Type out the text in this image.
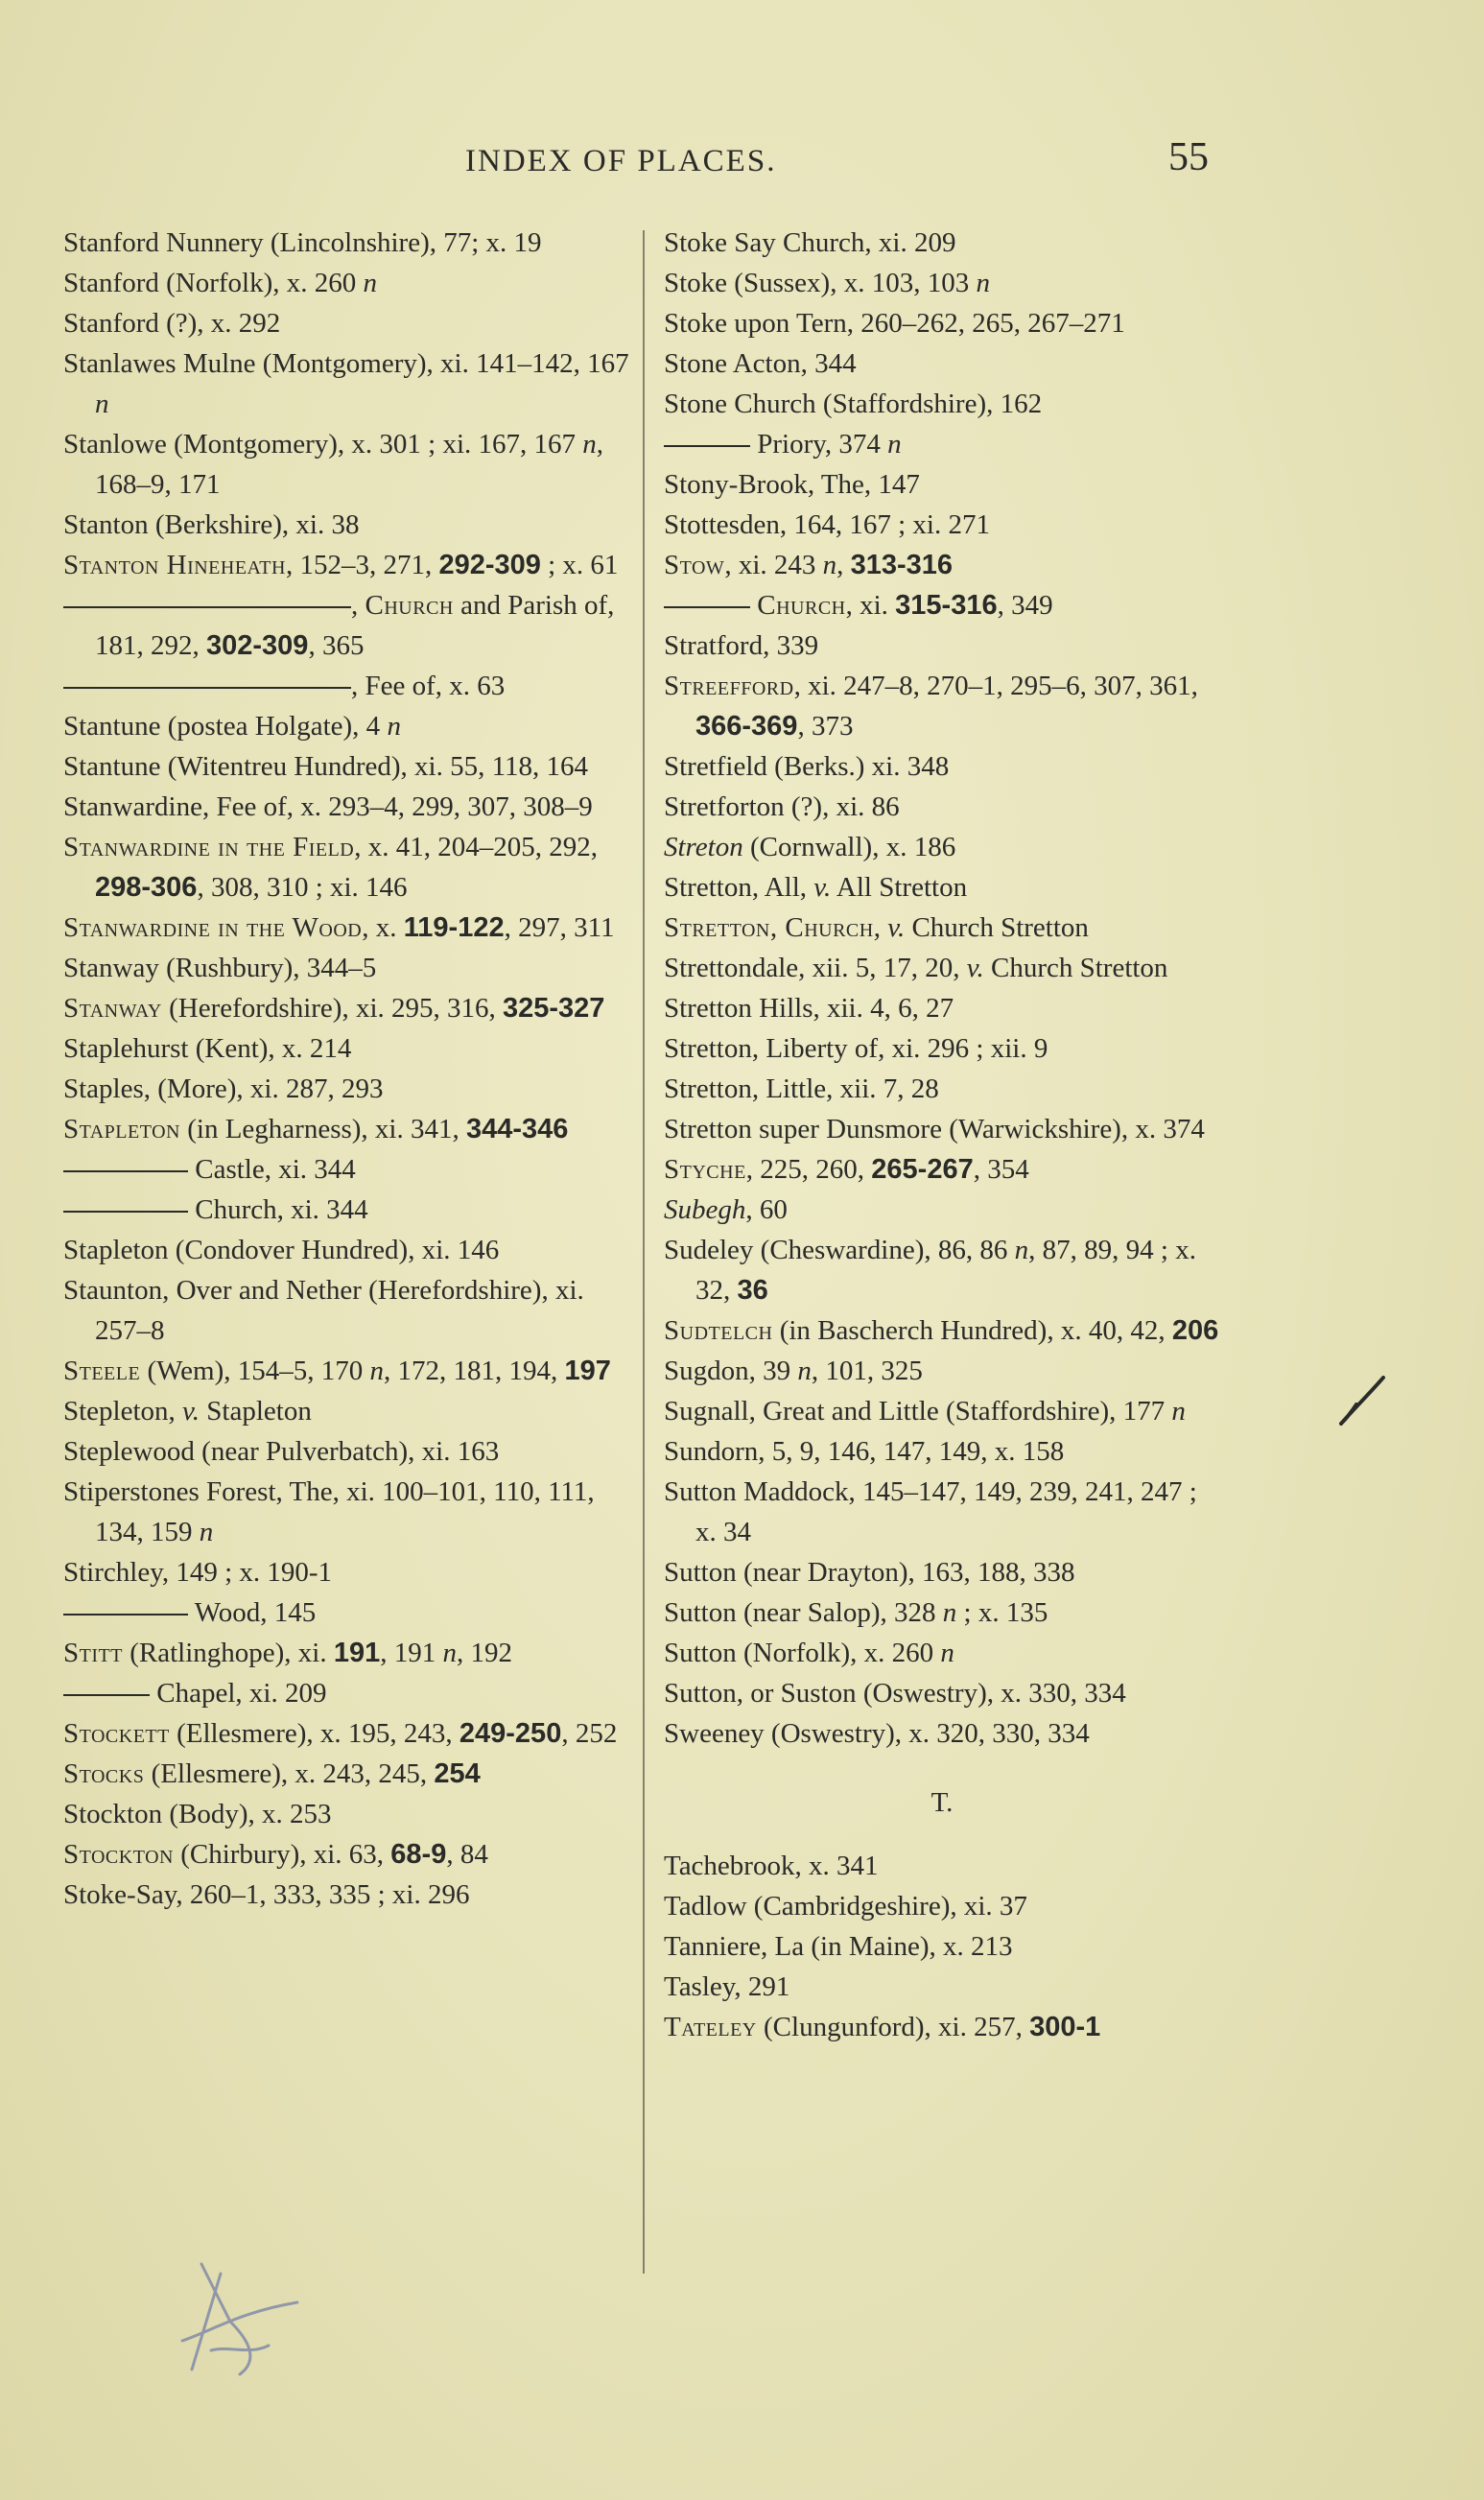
INDEX OF PLACES.	55
Stanford Nunnery (Lincolnshire), 77; x. 19
Stanford (Norfolk), x. 260 n
Stanford (?), x. 292
Stanlawes Mulne (Montgomery), xi. 141–142, 167 n
Stanlowe (Montgomery), x. 301 ; xi. 167, 167 n, 168–9, 171
Stanton (Berkshire), xi. 38
Stanton Hinehеath, 152–3, 271, 292-309 ; x. 61
, Church and Parish of, 181, 292, 302-309, 365
, Fee of, x. 63
Stantune (postea Holgate), 4 n
Stantune (Witentreu Hundred), xi. 55, 118, 164
Stanwardine, Fee of, x. 293–4, 299, 307, 308–9
Stanwardine in the Field, x. 41, 204–205, 292, 298-306, 308, 310 ; xi. 146
Stanwardine in the Wood, x. 119-122, 297, 311
Stanway (Rushbury), 344–5
Stanway (Herefordshire), xi. 295, 316, 325-327
Staplehurst (Kent), x. 214
Staples, (More), xi. 287, 293
Stapleton (in Legharness), xi. 341, 344-346
Castle, xi. 344
Church, xi. 344
Stapleton (Condover Hundred), xi. 146
Staunton, Over and Nether (Herefordshire), xi. 257–8
Steele (Wem), 154–5, 170 n, 172, 181, 194, 197
Stepleton, v. Stapleton
Steplewood (near Pulverbatch), xi. 163
Stiperstones Forest, The, xi. 100–101, 110, 111, 134, 159 n
Stirchley, 149 ; x. 190-1
Wood, 145
Stitt (Ratlinghope), xi. 191, 191 n, 192
Chapel, xi. 209
Stockett (Ellesmere), x. 195, 243, 249-250, 252
Stocks (Ellesmere), x. 243, 245, 254
Stockton (Body), x. 253
Stockton (Chirbury), xi. 63, 68-9, 84
Stoke-Say, 260–1, 333, 335 ; xi. 296
Stoke Say Church, xi. 209
Stoke (Sussex), x. 103, 103 n
Stoke upon Tern, 260–262, 265, 267–271
Stone Acton, 344
Stone Church (Staffordshire), 162
Priory, 374 n
Stony-Brook, The, 147
Stottesden, 164, 167 ; xi. 271
Stow, xi. 243 n, 313-316
Church, xi. 315-316, 349
Stratford, 339
Streefford, xi. 247–8, 270–1, 295–6, 307, 361, 366-369, 373
Stretfield (Berks.) xi. 348
Stretforton (?), xi. 86
Streton (Cornwall), x. 186
Stretton, All, v. All Stretton
Stretton, Church, v. Church Stretton
Strettondale, xii. 5, 17, 20, v. Church Stretton
Stretton Hills, xii. 4, 6, 27
Stretton, Liberty of, xi. 296 ; xii. 9
Stretton, Little, xii. 7, 28
Stretton super Dunsmore (Warwickshire), x. 374
Styche, 225, 260, 265-267, 354
Subegh, 60
Sudeley (Cheswardine), 86, 86 n, 87, 89, 94 ; x. 32, 36
Sudtelch (in Bascherch Hundred), x. 40, 42, 206
Sugdon, 39 n, 101, 325
Sugnall, Great and Little (Staffordshire), 177 n
Sundorn, 5, 9, 146, 147, 149, x. 158
Sutton Maddock, 145–147, 149, 239, 241, 247 ; x. 34
Sutton (near Drayton), 163, 188, 338
Sutton (near Salop), 328 n ; x. 135
Sutton (Norfolk), x. 260 n
Sutton, or Suston (Oswestry), x. 330, 334
Sweeney (Oswestry), x. 320, 330, 334
T.
Tachebrook, x. 341
Tadlow (Cambridgeshire), xi. 37
Tanniere, La (in Maine), x. 213
Tasley, 291
Tateley (Clungunford), xi. 257, 300-1
